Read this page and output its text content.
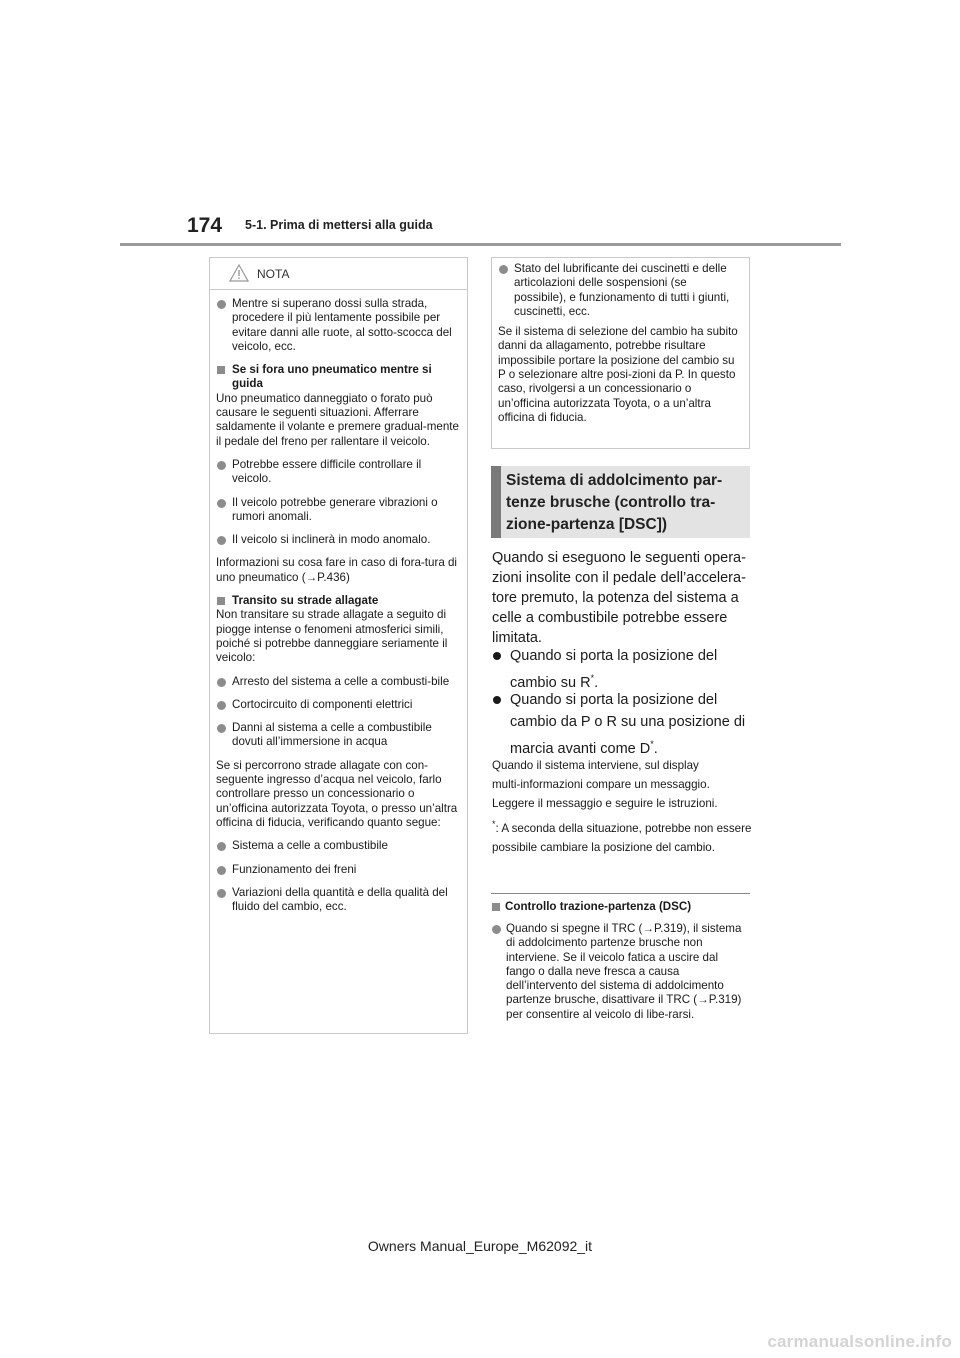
174 5-1. Prima di mettersi alla guida
NOTA
Mentre si superano dossi sulla strada, procedere il più lentamente possibile per evitare danni alle ruote, al sotto-scocca del veicolo, ecc.
Se si fora uno pneumatico mentre si guida
Uno pneumatico danneggiato o forato può causare le seguenti situazioni. Afferrare saldamente il volante e premere gradual-mente il pedale del freno per rallentare il veicolo.
Potrebbe essere difficile controllare il veicolo.
Il veicolo potrebbe generare vibrazioni o rumori anomali.
Il veicolo si inclinerà in modo anomalo.
Informazioni su cosa fare in caso di fora-tura di uno pneumatico (→P.436)
Transito su strade allagate
Non transitare su strade allagate a seguito di piogge intense o fenomeni atmosferici simili, poiché si potrebbe danneggiare seriamente il veicolo:
Arresto del sistema a celle a combusti-bile
Cortocircuito di componenti elettrici
Danni al sistema a celle a combustibile dovuti all’immersione in acqua
Se si percorrono strade allagate con con-seguente ingresso d’acqua nel veicolo, farlo controllare presso un concessionario o un’officina autorizzata Toyota, o presso un’altra officina di fiducia, verificando quanto segue:
Sistema a celle a combustibile
Funzionamento dei freni
Variazioni della quantità e della qualità del fluido del cambio, ecc.
Stato del lubrificante dei cuscinetti e delle articolazioni delle sospensioni (se possibile), e funzionamento di tutti i giunti, cuscinetti, ecc.

Se il sistema di selezione del cambio ha subito danni da allagamento, potrebbe risultare impossibile portare la posizione del cambio su P o selezionare altre posi-zioni da P. In questo caso, rivolgersi a un concessionario o un’officina autorizzata Toyota, o a un’altra officina di fiducia.

Sistema di addolcimento par-tenze brusche (controllo tra-zione-partenza [DSC])

Quando si eseguono le seguenti opera-zioni insolite con il pedale dell’accelera-tore premuto, la potenza del sistema a celle a combustibile potrebbe essere limitata.

Quando si porta la posizione del cambio su R*.
Quando si porta la posizione del cambio da P o R su una posizione di marcia avanti come D*.

Quando il sistema interviene, sul display

multi-informazioni compare un messaggio.

Leggere il messaggio e seguire le istruzioni.

*: A seconda della situazione, potrebbe non essere possibile cambiare la posizione del cambio.
Controllo trazione-partenza (DSC)
Quando si spegne il TRC (→P.319), il sistema di addolcimento partenze brusche non interviene. Se il veicolo fatica a uscire dal fango o dalla neve fresca a causa dell’intervento del sistema di addolcimento partenze brusche, disattivare il TRC (→P.319) per consentire al veicolo di libe-rarsi.
Owners Manual_Europe_M62092_it
carmanualsonline.info
